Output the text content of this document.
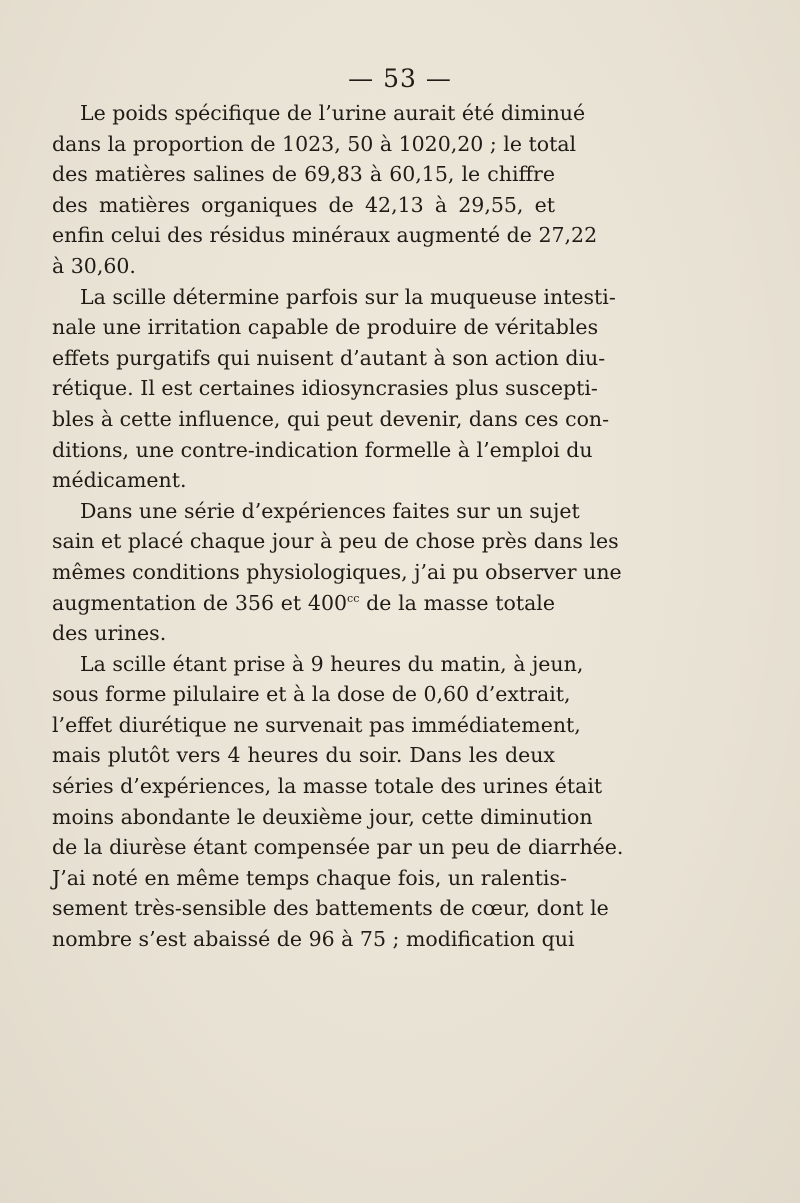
— 53 —
Le poids spécifique de l’urine aurait été diminué
dans la proportion de 1023, 50 à 1020,20 ; le total
des matières salines de 69,83 à 60,15, le chiffre
des matières organiques de 42,13 à 29,55, et
enfin celui des résidus minéraux augmenté de 27,22
à 30,60.
La scille détermine parfois sur la muqueuse intesti-
nale une irritation capable de produire de véritables
effets purgatifs qui nuisent d’autant à son action diu-
rétique. Il est certaines idiosyncrasies plus suscepti-
bles à cette influence, qui peut devenir, dans ces con-
ditions, une contre-indication formelle à l’emploi du
médicament.
Dans une série d’expériences faites sur un sujet
sain et placé chaque jour à peu de chose près dans les
mêmes conditions physiologiques, j’ai pu observer une
augmentation de 356 et $400^{cc}$ de la masse totale
des urines.
La scille étant prise à 9 heures du matin, à jeun,
sous forme pilulaire et à la dose de 0,60 d’extrait,
l’effet diurétique ne survenait pas immédiatement,
mais plutôt vers 4 heures du soir. Dans les deux
séries d’expériences, la masse totale des urines était
moins abondante le deuxième jour, cette diminution
de la diurèse étant compensée par un peu de diarrhée.
J’ai noté en même temps chaque fois, un ralentis-
sement très-sensible des battements de cœur, dont le
nombre s’est abaissé de 96 à 75 ; modification qui
